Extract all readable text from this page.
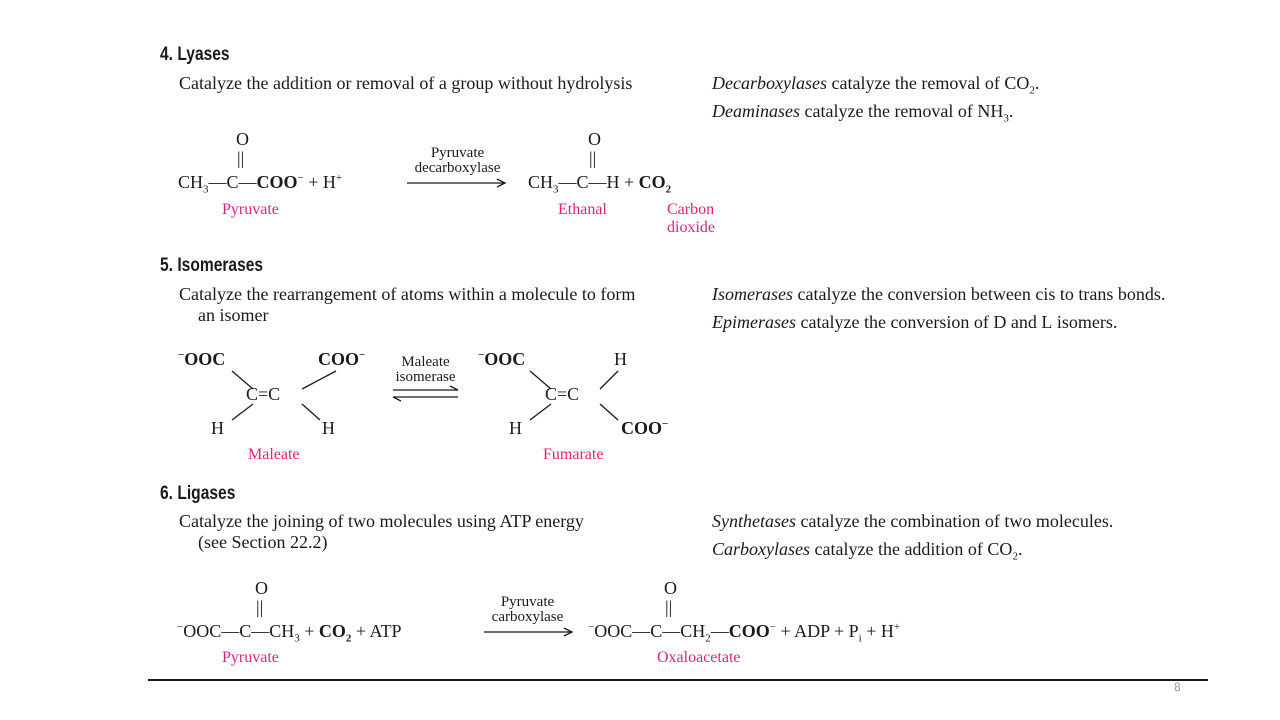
4. Lyases
Catalyze the addition or removal of a group without hydrolysis	Decarboxylases catalyze the removal of $CO_2$.
Deaminases catalyze the removal of $NH_3$.
O
||
$CH_3—C—COO^- + H^+$
Pyruvate
decarboxylase
O
||
$CH_3—C—H + CO_2$
Pyruvate	Ethanal	Carbon
dioxide
5. Isomerases
Catalyze the rearrangement of atoms within a molecule to form
an isomer
Isomerases catalyze the conversion between cis to trans bonds.
Epimerases catalyze the conversion of D and L isomers.
−OOC	COO−
C=C
H	H
Maleate
isomerase
Maleate
−OOC	H
C=C
H	COO−
Fumarate
6. Ligases
Catalyze the joining of two molecules using ATP energy
(see Section 22.2)
Synthetases catalyze the combination of two molecules.
Carboxylases catalyze the addition of $CO_2$.
O
||
$^-OOC—C—CH_3 + CO_2$ + ATP
Pyruvate
carboxylase
O
||
$^-OOC—C—CH_2—COO^-$ + ADP + $P_i + H^+$
Pyruvate	Oxaloacetate
8
